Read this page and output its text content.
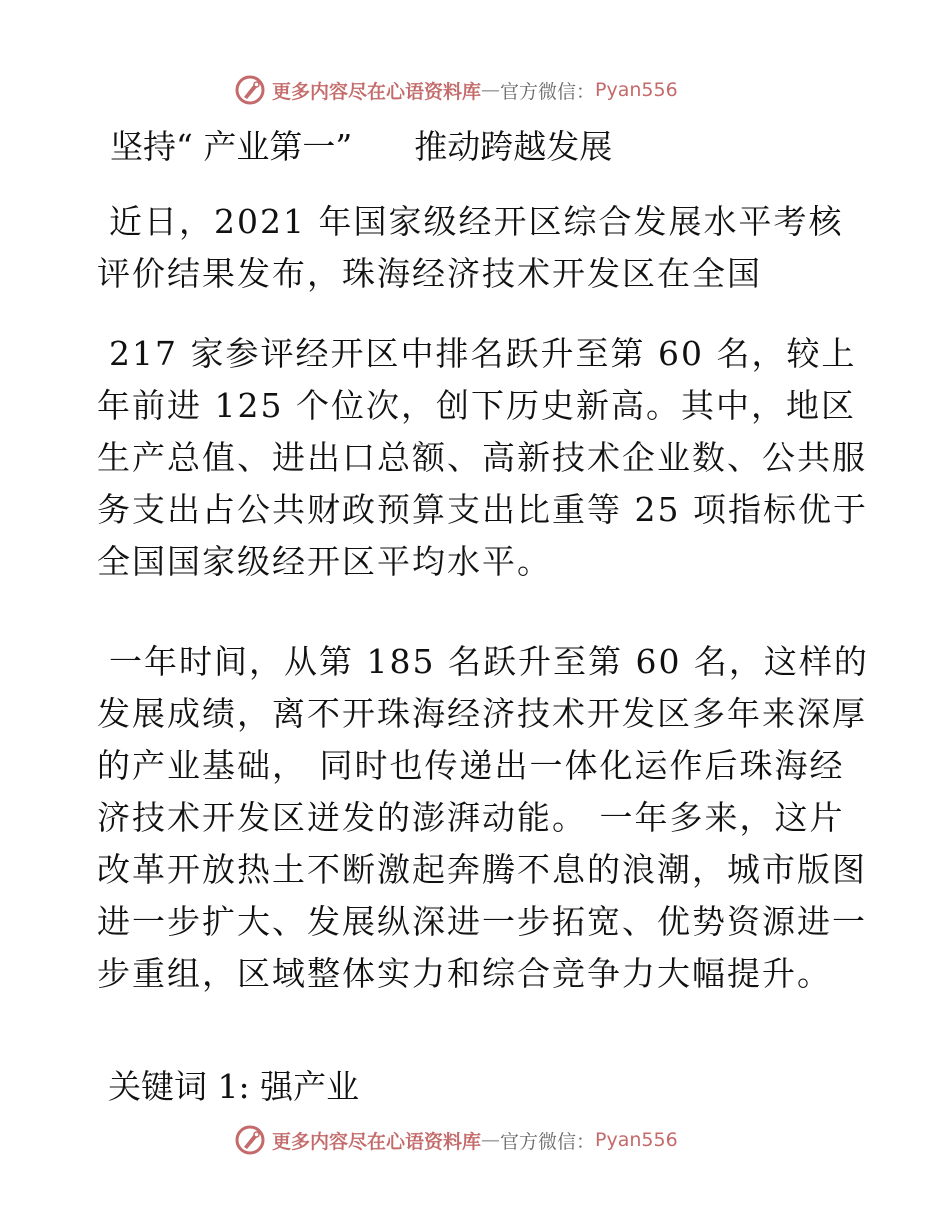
更多内容尽在心语资料库 — 官方微信： Pyan556
坚持“ 产业第一” 推动跨越发展
近日，2021 年国家级经开区综合发展水平考核
评价结果发布，珠海经济技术开发区在全国
217 家参评经开区中排名跃升至第 60 名，较上
年前进 125 个位次，创下历史新高。其中，地区
生产总值、进出口总额、高新技术企业数、公共服
务支出占公共财政预算支出比重等 25 项指标优于
全国国家级经开区平均水平。
一年时间，从第 185 名跃升至第 60 名，这样的
发展成绩，离不开珠海经济技术开发区多年来深厚
的产业基础， 同时也传递出一体化运作后珠海经
济技术开发区迸发的澎湃动能。 一年多来，这片
改革开放热土不断激起奔腾不息的浪潮，城市版图
进一步扩大、发展纵深进一步拓宽、优势资源进一
步重组，区域整体实力和综合竞争力大幅提升。
关键词 1: 强产业
更多内容尽在心语资料库 — 官方微信： Pyan556
